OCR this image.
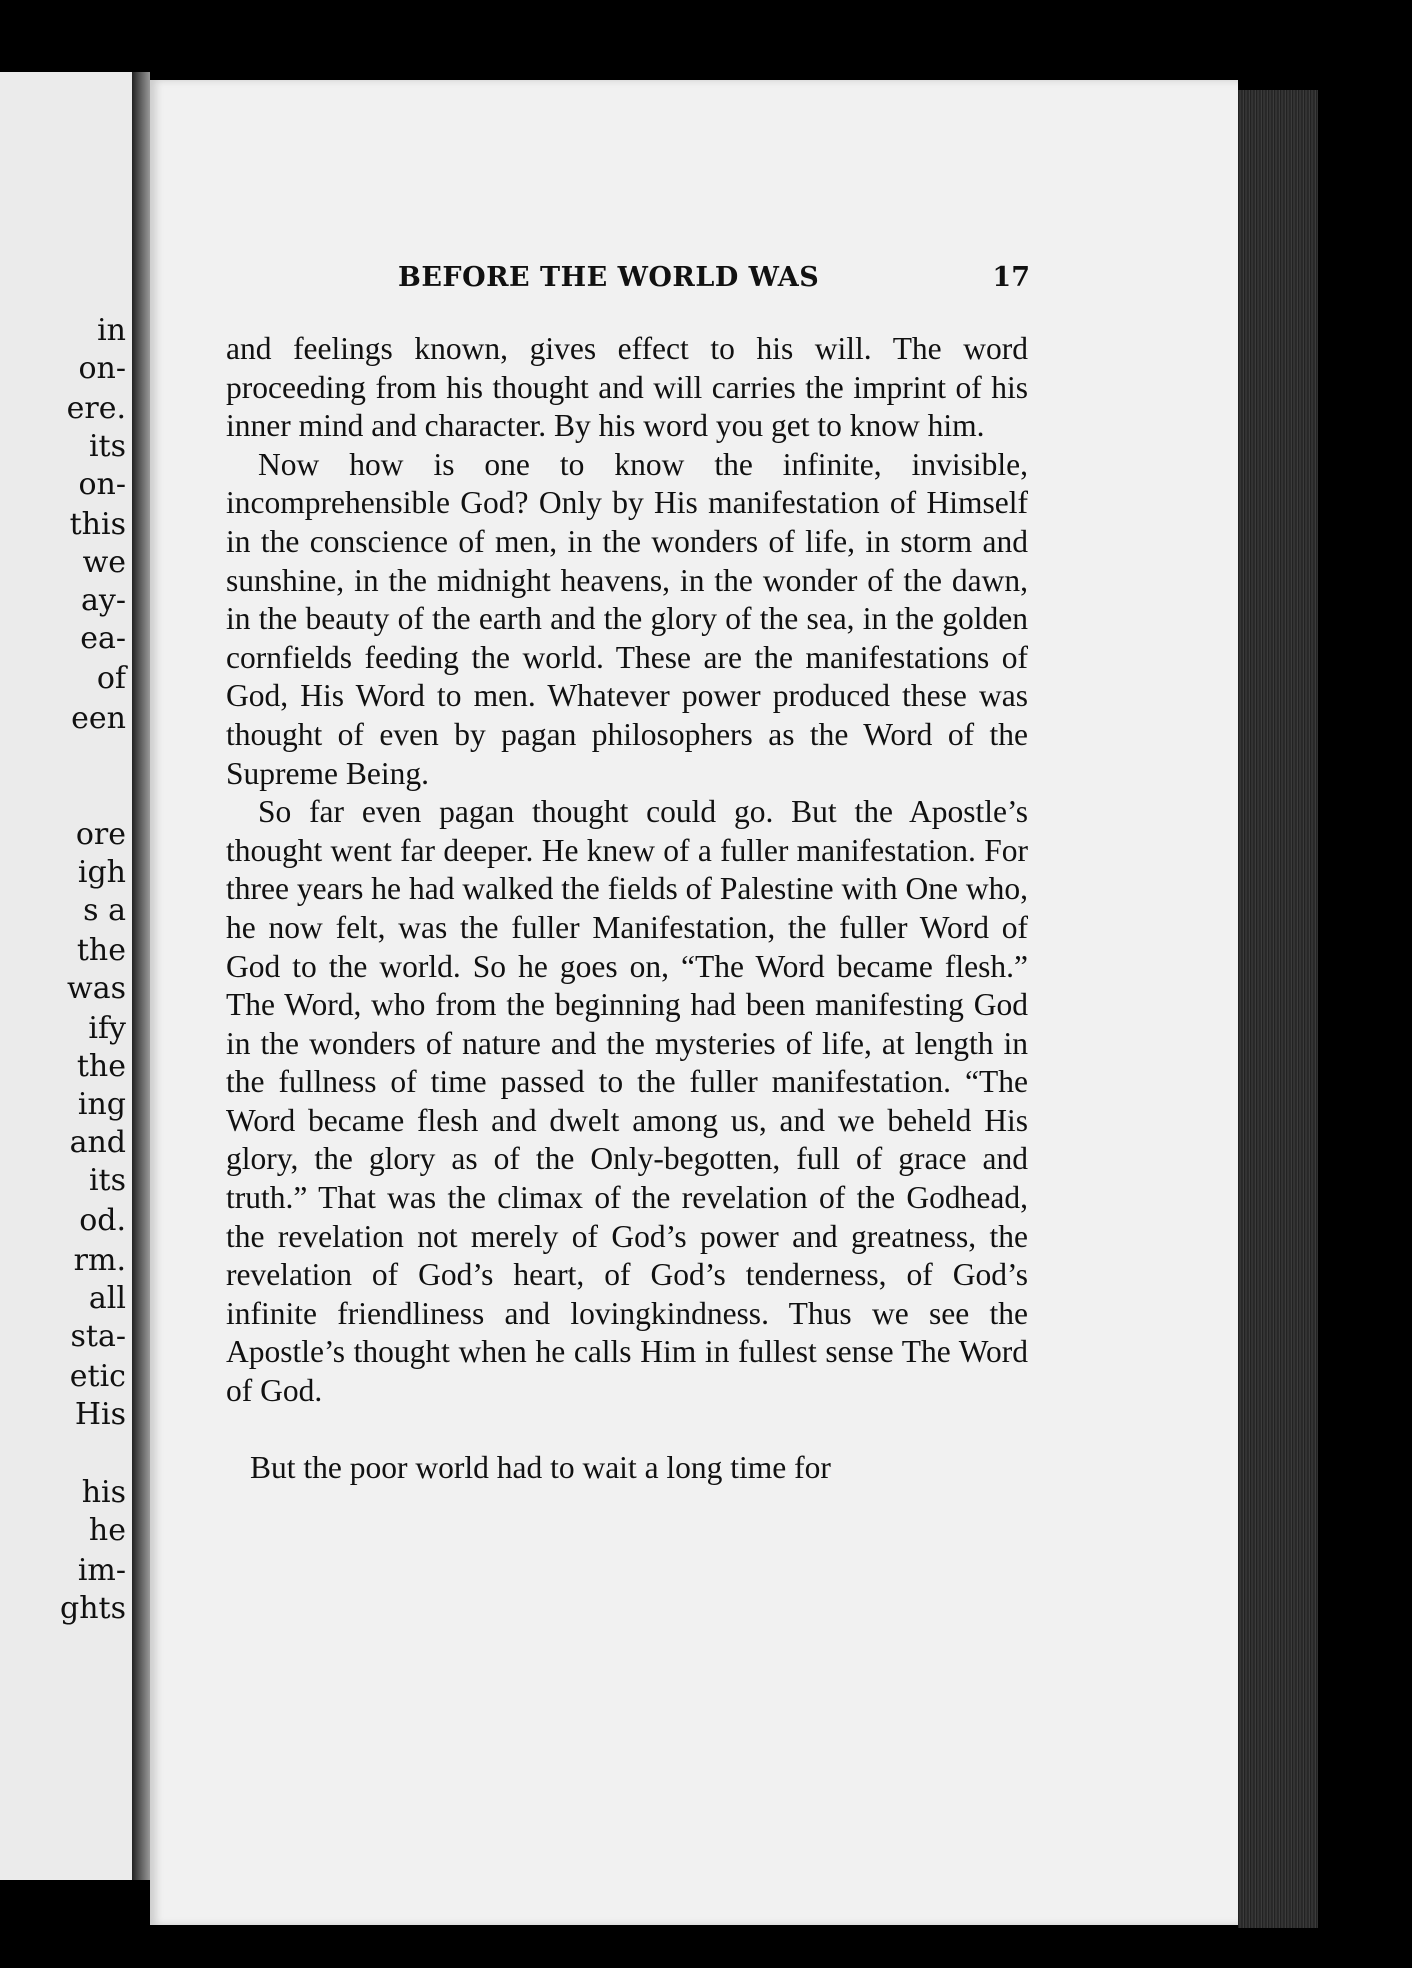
in
on-
ere.
its
on-
this
we
ay-
ea-
of
een
ore
igh
s a
the
was
ify
the
ing
and
its
od.
rm.
all
sta-
etic
His
his
he
im-
ghts
BEFORE THE WORLD WAS	17

and feelings known, gives effect to his will. The word proceeding from his thought and will carries the imprint of his inner mind and character. By his word you get to know him.

Now how is one to know the infinite, invisible, incomprehensible God? Only by His manifestation of Himself in the conscience of men, in the wonders of life, in storm and sunshine, in the midnight heavens, in the wonder of the dawn, in the beauty of the earth and the glory of the sea, in the golden cornfields feeding the world. These are the manifestations of God, His Word to men. Whatever power produced these was thought of even by pagan philosophers as the Word of the Supreme Being.

So far even pagan thought could go. But the Apostle’s thought went far deeper. He knew of a fuller manifestation. For three years he had walked the fields of Palestine with One who, he now felt, was the fuller Manifestation, the fuller Word of God to the world. So he goes on, “The Word became flesh.” The Word, who from the beginning had been manifesting God in the wonders of nature and the mysteries of life, at length in the fullness of time passed to the fuller manifestation. “The Word became flesh and dwelt among us, and we beheld His glory, the glory as of the Only-begotten, full of grace and truth.” That was the climax of the revelation of the Godhead, the revelation not merely of God’s power and greatness, the revelation of God’s heart, of God’s tenderness, of God’s infinite friendliness and lovingkindness. Thus we see the Apostle’s thought when he calls Him in fullest sense The Word of God.

But the poor world had to wait a long time for
